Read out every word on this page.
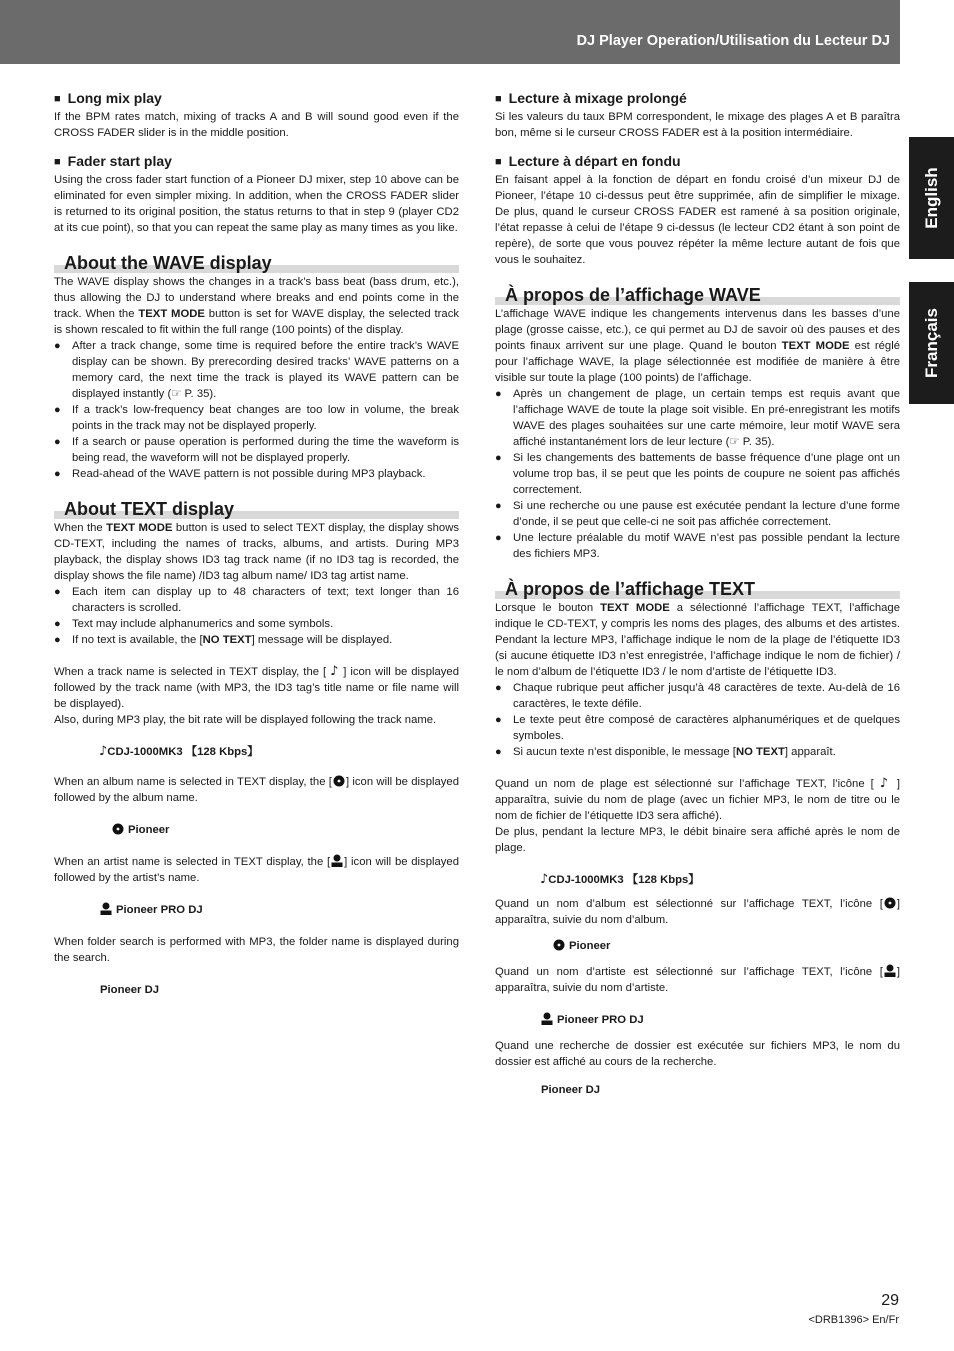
DJ Player Operation/Utilisation du Lecteur DJ
English
Français

■ Long mix play

If the BPM rates match, mixing of tracks A and B will sound good even if the CROSS FADER slider is in the middle position.

■ Fader start play

Using the cross fader start function of a Pioneer DJ mixer, step 10 above can be eliminated for even simpler mixing. In addition, when the CROSS FADER slider is returned to its original position, the status returns to that in step 9 (player CD2 at its cue point), so that you can repeat the same play as many times as you like.

About the WAVE display

The WAVE display shows the changes in a track’s bass beat (bass drum, etc.), thus allowing the DJ to understand where breaks and end points come in the track. When the TEXT MODE button is set for WAVE display, the selected track is shown rescaled to fit within the full range (100 points) of the display.

● After a track change, some time is required before the entire track’s WAVE display can be shown. By prerecording desired tracks’ WAVE patterns on a memory card, the next time the track is played its WAVE pattern can be displayed instantly (☞ P. 35).
● If a track’s low-frequency beat changes are too low in volume, the break points in the track may not be displayed properly.
● If a search or pause operation is performed during the time the waveform is being read, the waveform will not be displayed properly.
● Read-ahead of the WAVE pattern is not possible during MP3 playback.
About TEXT display

When the TEXT MODE button is used to select TEXT display, the display shows CD-TEXT, including the names of tracks, albums, and artists. During MP3 playback, the display shows ID3 tag track name (if no ID3 tag is recorded, the display shows the file name) /ID3 tag album name/ ID3 tag artist name.

● Each item can display up to 48 characters of text; text longer than 16 characters is scrolled.
● Text may include alphanumerics and some symbols.
● If no text is available, the [NO TEXT] message will be displayed.

When a track name is selected in TEXT display, the [ ♪ ] icon will be displayed followed by the track name (with MP3, the ID3 tag’s title name or file name will be displayed).

Also, during MP3 play, the bit rate will be displayed following the track name.

♪CDJ-1000MK3 【128 Kbps】

When an album name is selected in TEXT display, the [ ] icon will be displayed followed by the album name.

Pioneer

When an artist name is selected in TEXT display, the [ ] icon will be displayed followed by the artist’s name.

Pioneer PRO DJ

When folder search is performed with MP3, the folder name is displayed during the search.

Pioneer DJ

■ Lecture à mixage prolongé

Si les valeurs du taux BPM correspondent, le mixage des plages A et B paraîtra bon, même si le curseur CROSS FADER est à la position intermédiaire.

■ Lecture à départ en fondu

En faisant appel à la fonction de départ en fondu croisé d’un mixeur DJ de Pioneer, l’étape 10 ci-dessus peut être supprimée, afin de simplifier le mixage. De plus, quand le curseur CROSS FADER est ramené à sa position originale, l’état repasse à celui de l’étape 9 ci-dessus (le lecteur CD2 étant à son point de repère), de sorte que vous pouvez répéter la même lecture autant de fois que vous le souhaitez.

À propos de l’affichage WAVE

L’affichage WAVE indique les changements intervenus dans les basses d’une plage (grosse caisse, etc.), ce qui permet au DJ de savoir où des pauses et des points finaux arrivent sur une plage. Quand le bouton TEXT MODE est réglé pour l’affichage WAVE, la plage sélectionnée est modifiée de manière à être visible sur toute la plage (100 points) de l’affichage.

● Après un changement de plage, un certain temps est requis avant que l’affichage WAVE de toute la plage soit visible. En pré-enregistrant les motifs WAVE des plages souhaitées sur une carte mémoire, leur motif WAVE sera affiché instantanément lors de leur lecture (☞ P. 35).
● Si les changements des battements de basse fréquence d’une plage ont un volume trop bas, il se peut que les points de coupure ne soient pas affichés correctement.
● Si une recherche ou une pause est exécutée pendant la lecture d’une forme d’onde, il se peut que celle-ci ne soit pas affichée correctement.
● Une lecture préalable du motif WAVE n’est pas possible pendant la lecture des fichiers MP3.
À propos de l’affichage TEXT

Lorsque le bouton TEXT MODE a sélectionné l’affichage TEXT, l’affichage indique le CD-TEXT, y compris les noms des plages, des albums et des artistes. Pendant la lecture MP3, l’affichage indique le nom de la plage de l’étiquette ID3 (si aucune étiquette ID3 n’est enregistrée, l’affichage indique le nom de fichier) / le nom d’album de l’étiquette ID3 / le nom d’artiste de l’étiquette ID3.

● Chaque rubrique peut afficher jusqu’à 48 caractères de texte. Au-delà de 16 caractères, le texte défile.
● Le texte peut être composé de caractères alphanumériques et de quelques symboles.
● Si aucun texte n’est disponible, le message [NO TEXT] apparaît.

Quand un nom de plage est sélectionné sur l’affichage TEXT, l’icône [ ♪ ] apparaîtra, suivie du nom de plage (avec un fichier MP3, le nom de titre ou le nom de fichier de l’étiquette ID3 sera affiché).

De plus, pendant la lecture MP3, le débit binaire sera affiché après le nom de plage.

♪CDJ-1000MK3 【128 Kbps】

Quand un nom d’album est sélectionné sur l’affichage TEXT, l’icône [ ] apparaîtra, suivie du nom d’album.

Pioneer

Quand un nom d’artiste est sélectionné sur l’affichage TEXT, l’icône [ ] apparaîtra, suivie du nom d’artiste.

Pioneer PRO DJ

Quand une recherche de dossier est exécutée sur fichiers MP3, le nom du dossier est affiché au cours de la recherche.

Pioneer DJ

29
<DRB1396> En/Fr
